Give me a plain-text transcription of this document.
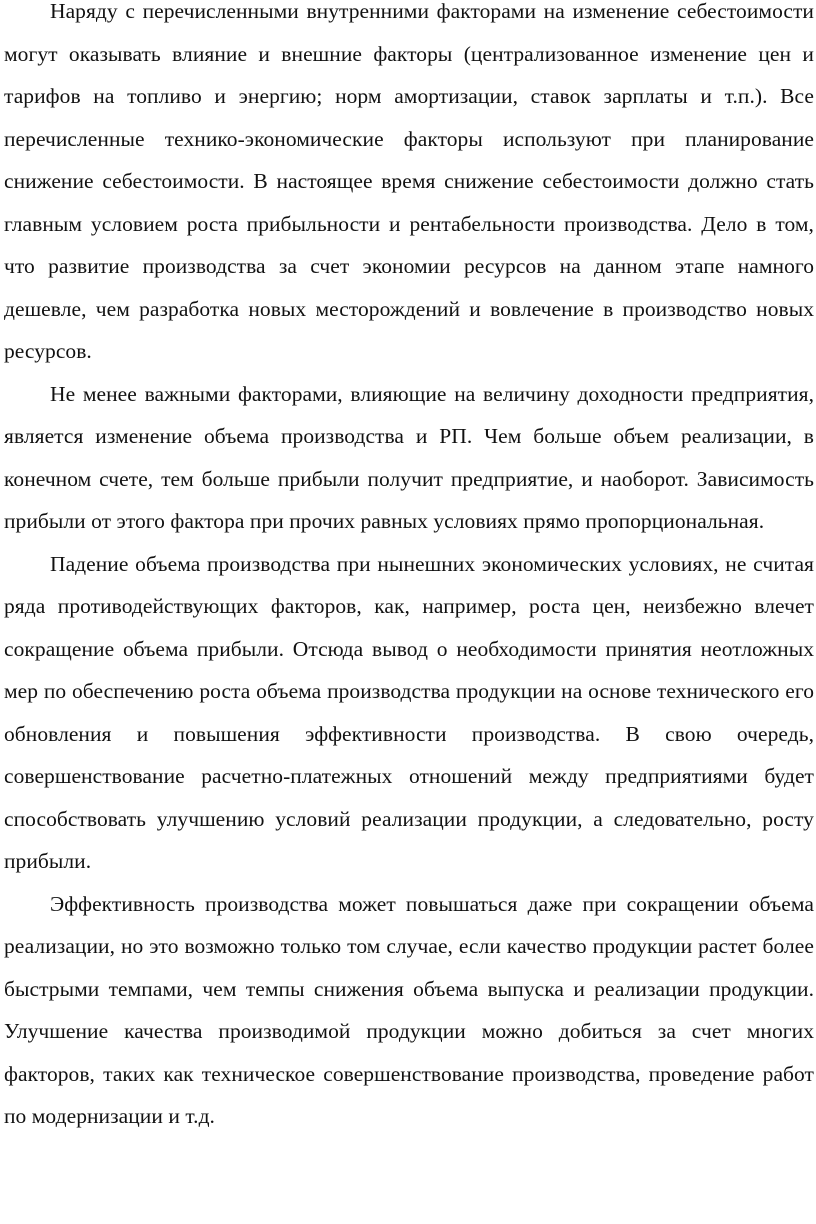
Наряду с перечисленными внутренними факторами на изменение себестоимости могут оказывать влияние и внешние факторы (централизованное изменение цен и тарифов на топливо и энергию; норм амортизации, ставок зарплаты и т.п.). Все перечисленные технико-экономические факторы используют при планирование снижение себестоимости. В настоящее время снижение себестоимости должно стать главным условием роста прибыльности и рентабельности производства. Дело в том, что развитие производства за счет экономии ресурсов на данном этапе намного дешевле, чем разработка новых месторождений и вовлечение в производство новых ресурсов.

Не менее важными факторами, влияющие на величину доходности предприятия, является изменение объема производства и РП. Чем больше объем реализации, в конечном счете, тем больше прибыли получит предприятие, и наоборот. Зависимость прибыли от этого фактора при прочих равных условиях прямо пропорциональная.

Падение объема производства при нынешних экономических условиях, не считая ряда противодействующих факторов, как, например, роста цен, неизбежно влечет сокращение объема прибыли. Отсюда вывод о необходимости принятия неотложных мер по обеспечению роста объема производства продукции на основе технического его обновления и повышения эффективности производства. В свою очередь, совершенствование расчетно-платежных отношений между предприятиями будет способствовать улучшению условий реализации продукции, а следовательно, росту прибыли.

Эффективность производства может повышаться даже при сокращении объема реализации, но это возможно только том случае, если качество продукции растет более быстрыми темпами, чем темпы снижения объема выпуска и реализации продукции. Улучшение качества производимой продукции можно добиться за счет многих факторов, таких как техническое совершенствование производства, проведение работ по модернизации и т.д.
